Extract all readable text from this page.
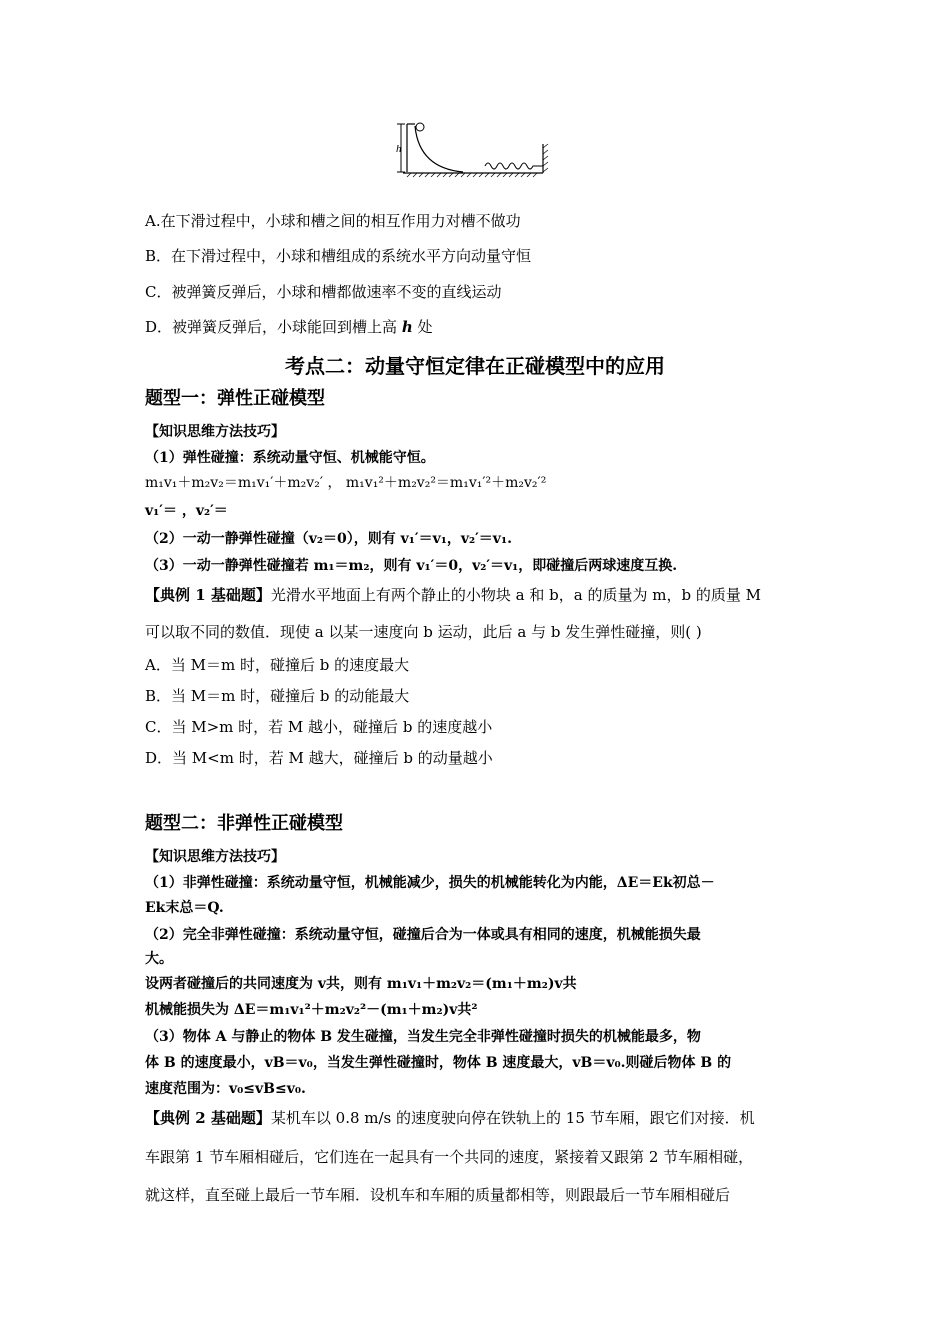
h
A.在下滑过程中，小球和槽之间的相互作用力对槽不做功
B．在下滑过程中，小球和槽组成的系统水平方向动量守恒
C．被弹簧反弹后，小球和槽都做速率不变的直线运动
D．被弹簧反弹后，小球能回到槽上高 h 处
考点二：动量守恒定律在正碰模型中的应用
题型一：弹性正碰模型
【知识思维方法技巧】
（1）弹性碰撞：系统动量守恒、机械能守恒。
m₁v₁＋m₂v₂＝m₁v₁′＋m₂v₂′ ， m₁v₁²＋m₂v₂²＝m₁v₁′²＋m₂v₂′²
v₁′＝ ，v₂′＝
（2）一动一静弹性碰撞（v₂＝0），则有 v₁′＝v₁，v₂′＝v₁.
（3）一动一静弹性碰撞若 m₁＝m₂，则有 v₁′＝0，v₂′＝v₁，即碰撞后两球速度互换.
【典例 1 基础题】光滑水平地面上有两个静止的小物块 a 和 b，a 的质量为 m，b 的质量 M
可以取不同的数值．现使 a 以某一速度向 b 运动，此后 a 与 b 发生弹性碰撞，则( )
A．当 M＝m 时，碰撞后 b 的速度最大
B．当 M＝m 时，碰撞后 b 的动能最大
C．当 M>m 时，若 M 越小，碰撞后 b 的速度越小
D．当 M<m 时，若 M 越大，碰撞后 b 的动量越小
题型二：非弹性正碰模型
【知识思维方法技巧】
（1）非弹性碰撞：系统动量守恒，机械能减少，损失的机械能转化为内能，ΔE＝Ek初总－
Ek末总＝Q.
（2）完全非弹性碰撞：系统动量守恒，碰撞后合为一体或具有相同的速度，机械能损失最
大。
设两者碰撞后的共同速度为 v共，则有 m₁v₁＋m₂v₂＝(m₁＋m₂)v共
机械能损失为 ΔE＝m₁v₁²＋m₂v₂²－(m₁＋m₂)v共²
（3）物体 A 与静止的物体 B 发生碰撞，当发生完全非弹性碰撞时损失的机械能最多，物
体 B 的速度最小，vB＝v₀，当发生弹性碰撞时，物体 B 速度最大，vB＝v₀.则碰后物体 B 的
速度范围为：v₀≤vB≤v₀.
【典例 2 基础题】某机车以 0.8 m/s 的速度驶向停在铁轨上的 15 节车厢，跟它们对接．机
车跟第 1 节车厢相碰后，它们连在一起具有一个共同的速度，紧接着又跟第 2 节车厢相碰，
就这样，直至碰上最后一节车厢．设机车和车厢的质量都相等，则跟最后一节车厢相碰后
